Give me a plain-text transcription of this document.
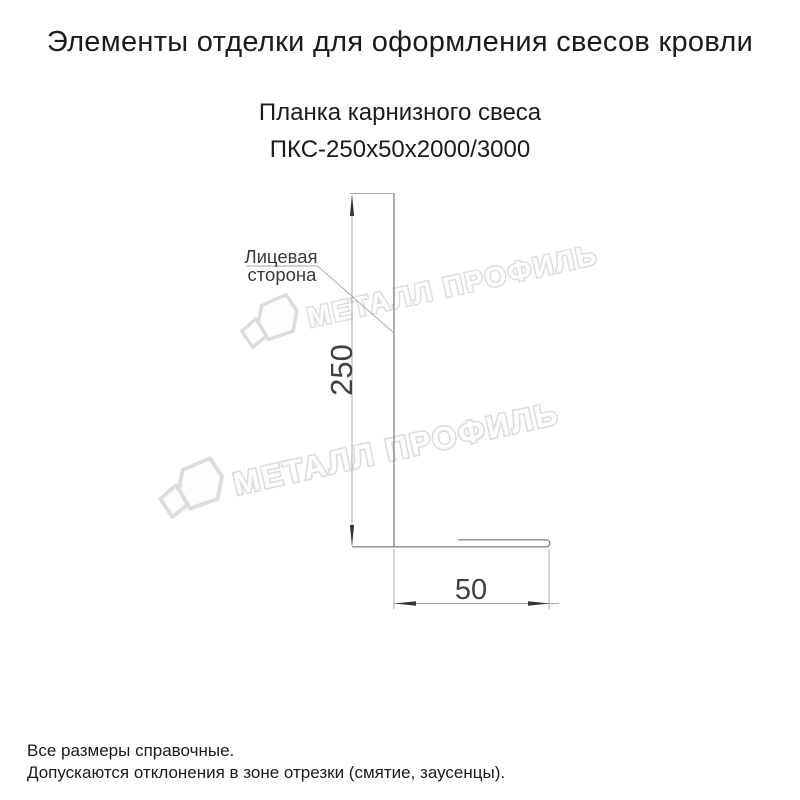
Элементы отделки для оформления свесов кровли
Планка карнизного свеса
ПКС-250х50х2000/3000
МЕТАЛЛ ПРОФИЛЬ
МЕТАЛЛ ПРОФИЛЬ
250
50
Лицевая
сторона
Все размеры справочные.
Допускаются отклонения в зоне отрезки (смятие, заусенцы).
